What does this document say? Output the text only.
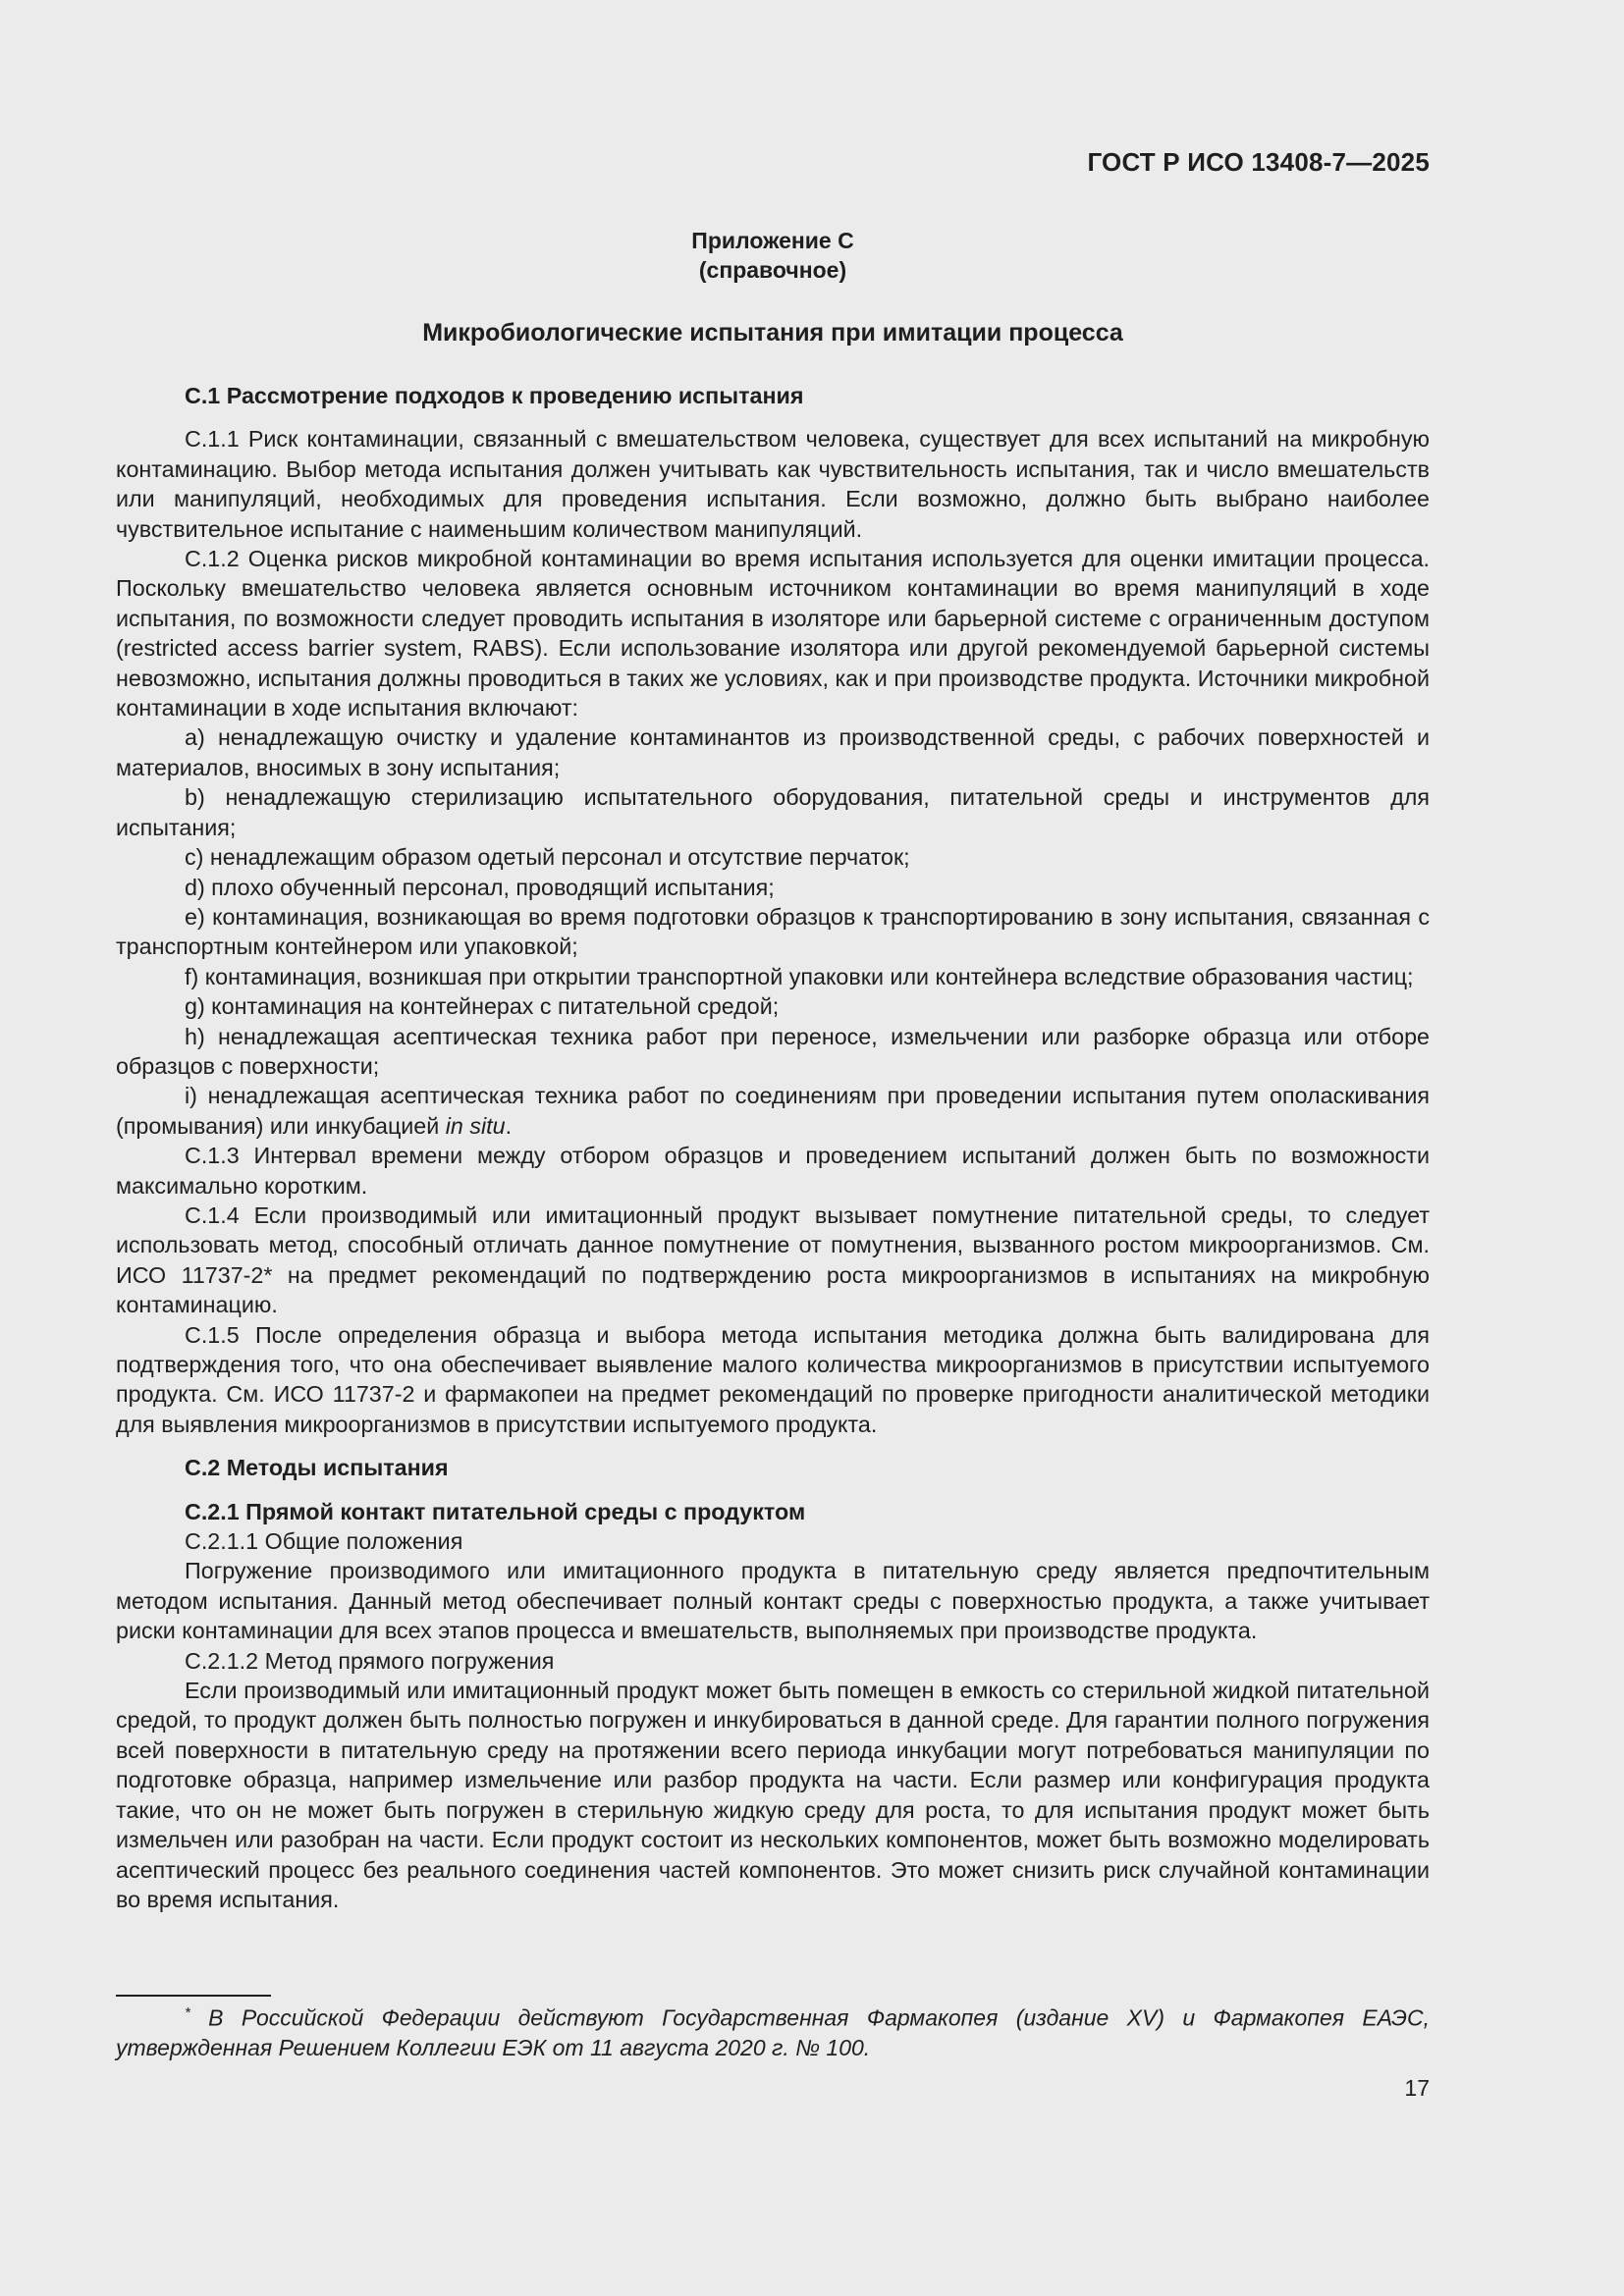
ГОСТ Р ИСО 13408-7—2025
Приложение C
(справочное)
Микробиологические испытания при имитации процесса

С.1 Рассмотрение подходов к проведению испытания

С.1.1 Риск контаминации, связанный с вмешательством человека, существует для всех испытаний на микробную контаминацию. Выбор метода испытания должен учитывать как чувствительность испытания, так и число вмешательств или манипуляций, необходимых для проведения испытания. Если возможно, должно быть выбрано наиболее чувствительное испытание с наименьшим количеством манипуляций.

С.1.2 Оценка рисков микробной контаминации во время испытания используется для оценки имитации процесса. Поскольку вмешательство человека является основным источником контаминации во время манипуляций в ходе испытания, по возможности следует проводить испытания в изоляторе или барьерной системе с ограниченным доступом (restricted access barrier system, RABS). Если использование изолятора или другой рекомендуемой барьерной системы невозможно, испытания должны проводиться в таких же условиях, как и при производстве продукта. Источники микробной контаминации в ходе испытания включают:

a) ненадлежащую очистку и удаление контаминантов из производственной среды, с рабочих поверхностей и материалов, вносимых в зону испытания;

b) ненадлежащую стерилизацию испытательного оборудования, питательной среды и инструментов для испытания;

c) ненадлежащим образом одетый персонал и отсутствие перчаток;

d) плохо обученный персонал, проводящий испытания;

e) контаминация, возникающая во время подготовки образцов к транспортированию в зону испытания, связанная с транспортным контейнером или упаковкой;

f) контаминация, возникшая при открытии транспортной упаковки или контейнера вследствие образования частиц;

g) контаминация на контейнерах с питательной средой;

h) ненадлежащая асептическая техника работ при переносе, измельчении или разборке образца или отборе образцов с поверхности;

i) ненадлежащая асептическая техника работ по соединениям при проведении испытания путем ополаскивания (промывания) или инкубацией in situ.

С.1.3 Интервал времени между отбором образцов и проведением испытаний должен быть по возможности максимально коротким.

С.1.4 Если производимый или имитационный продукт вызывает помутнение питательной среды, то следует использовать метод, способный отличать данное помутнение от помутнения, вызванного ростом микроорганизмов. См. ИСО 11737-2* на предмет рекомендаций по подтверждению роста микроорганизмов в испытаниях на микробную контаминацию.

С.1.5 После определения образца и выбора метода испытания методика должна быть валидирована для подтверждения того, что она обеспечивает выявление малого количества микроорганизмов в присутствии испытуемого продукта. См. ИСО 11737-2 и фармакопеи на предмет рекомендаций по проверке пригодности аналитической методики для выявления микроорганизмов в присутствии испытуемого продукта.

С.2 Методы испытания

С.2.1 Прямой контакт питательной среды с продуктом

С.2.1.1 Общие положения

Погружение производимого или имитационного продукта в питательную среду является предпочтительным методом испытания. Данный метод обеспечивает полный контакт среды с поверхностью продукта, а также учитывает риски контаминации для всех этапов процесса и вмешательств, выполняемых при производстве продукта.

С.2.1.2 Метод прямого погружения

Если производимый или имитационный продукт может быть помещен в емкость со стерильной жидкой питательной средой, то продукт должен быть полностью погружен и инкубироваться в данной среде. Для гарантии полного погружения всей поверхности в питательную среду на протяжении всего периода инкубации могут потребоваться манипуляции по подготовке образца, например измельчение или разбор продукта на части. Если размер или конфигурация продукта такие, что он не может быть погружен в стерильную жидкую среду для роста, то для испытания продукт может быть измельчен или разобран на части. Если продукт состоит из нескольких компонентов, может быть возможно моделировать асептический процесс без реального соединения частей компонентов. Это может снизить риск случайной контаминации во время испытания.

* В Российской Федерации действуют Государственная Фармакопея (издание XV) и Фармакопея ЕАЭС, утвержденная Решением Коллегии ЕЭК от 11 августа 2020 г. № 100.
17
